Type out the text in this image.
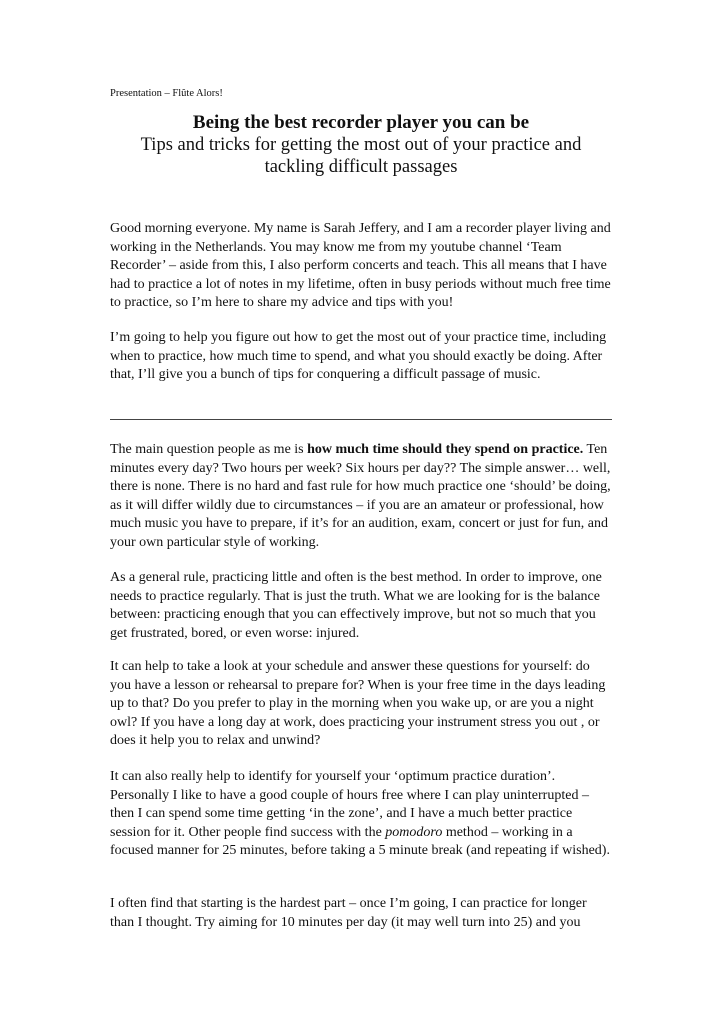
Presentation – Flûte Alors!

Being the best recorder player you can be

Tips and tricks for getting the most out of your practice and

tackling difficult passages

Good morning everyone. My name is Sarah Jeffery, and I am a recorder player living and working in the Netherlands. You may know me from my youtube channel ‘Team Recorder’ – aside from this, I also perform concerts and teach. This all means that I have had to practice a lot of notes in my lifetime, often in busy periods without much free time to practice, so I’m here to share my advice and tips with you!

I’m going to help you figure out how to get the most out of your practice time, including when to practice, how much time to spend, and what you should exactly be doing. After that, I’ll give you a bunch of tips for conquering a difficult passage of music.

The main question people as me is how much time should they spend on practice. Ten minutes every day? Two hours per week? Six hours per day?? The simple answer… well, there is none. There is no hard and fast rule for how much practice one ‘should’ be doing, as it will differ wildly due to circumstances – if you are an amateur or professional, how much music you have to prepare, if it’s for an audition, exam, concert or just for fun, and your own particular style of working.

As a general rule, practicing little and often is the best method. In order to improve, one needs to practice regularly. That is just the truth. What we are looking for is the balance between: practicing enough that you can effectively improve, but not so much that you get frustrated, bored, or even worse: injured.

It can help to take a look at your schedule and answer these questions for yourself: do you have a lesson or rehearsal to prepare for? When is your free time in the days leading up to that? Do you prefer to play in the morning when you wake up, or are you a night owl? If you have a long day at work, does practicing your instrument stress you out , or does it help you to relax and unwind?

It can also really help to identify for yourself your ‘optimum practice duration’. Personally I like to have a good couple of hours free where I can play uninterrupted – then I can spend some time getting ‘in the zone’, and I have a much better practice session for it. Other people find success with the pomodoro method – working in a focused manner for 25 minutes, before taking a 5 minute break (and repeating if wished).

I often find that starting is the hardest part – once I’m going, I can practice for longer than I thought. Try aiming for 10 minutes per day (it may well turn into 25) and you
